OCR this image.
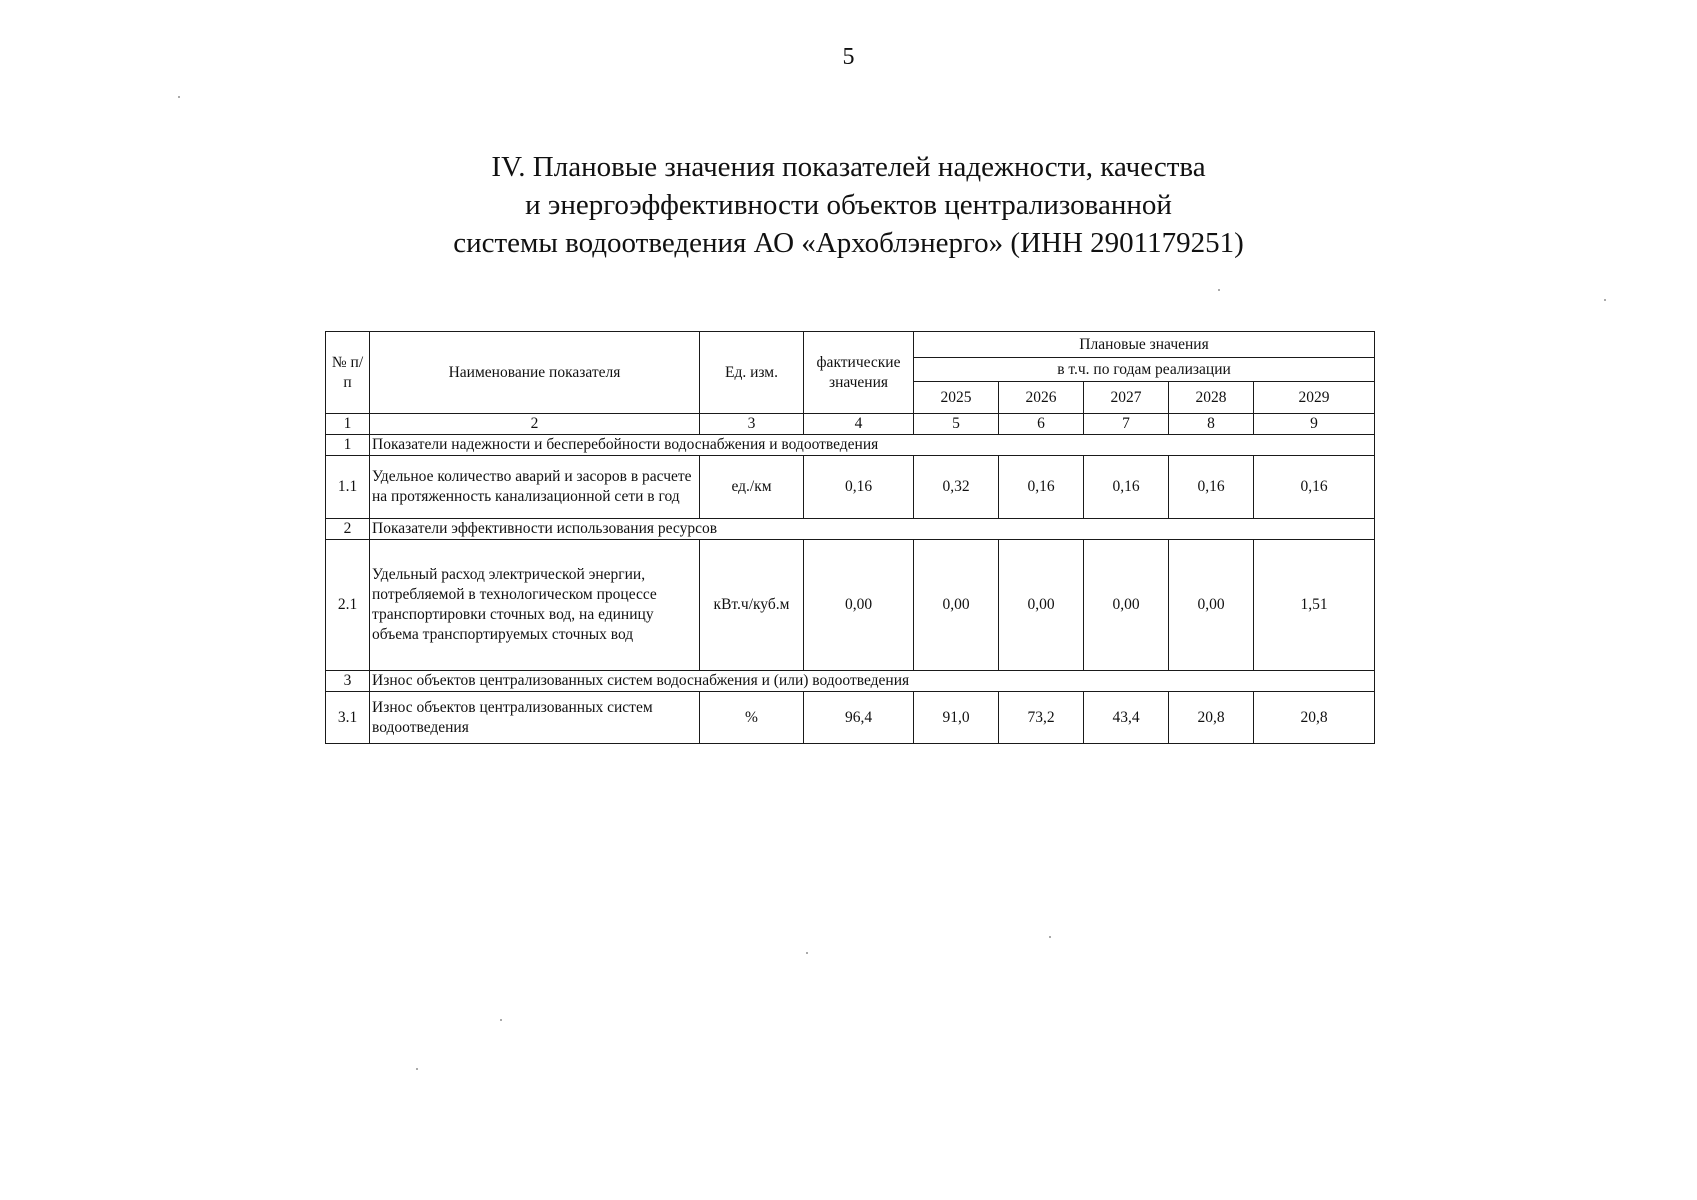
5
IV. Плановые значения показателей надежности, качества
и энергоэффективности объектов централизованной
системы водоотведения АО «Архоблэнерго» (ИНН 2901179251)
№ п/п	Наименование показателя	Ед. изм.	фактические значения	Плановые значения				
				в т.ч. по годам реализации				
				2025	2026	2027	2028	2029
1	2	3	4	5	6	7	8	9
1	Показатели надежности и бесперебойности водоснабжения и водоотведения							
1.1	Удельное количество аварий и засоров в расчете на протяженность канализационной сети в год	ед./км	0,16	0,32	0,16	0,16	0,16	0,16
2	Показатели эффективности использования ресурсов							
2.1	Удельный расход электрической энергии, потребляемой в технологическом процессе транспортировки сточных вод, на единицу объема транспортируемых сточных вод	кВт.ч/куб.м	0,00	0,00	0,00	0,00	0,00	1,51
3	Износ объектов централизованных систем водоснабжения и (или) водоотведения							
3.1	Износ объектов централизованных систем водоотведения	%	96,4	91,0	73,2	43,4	20,8	20,8
